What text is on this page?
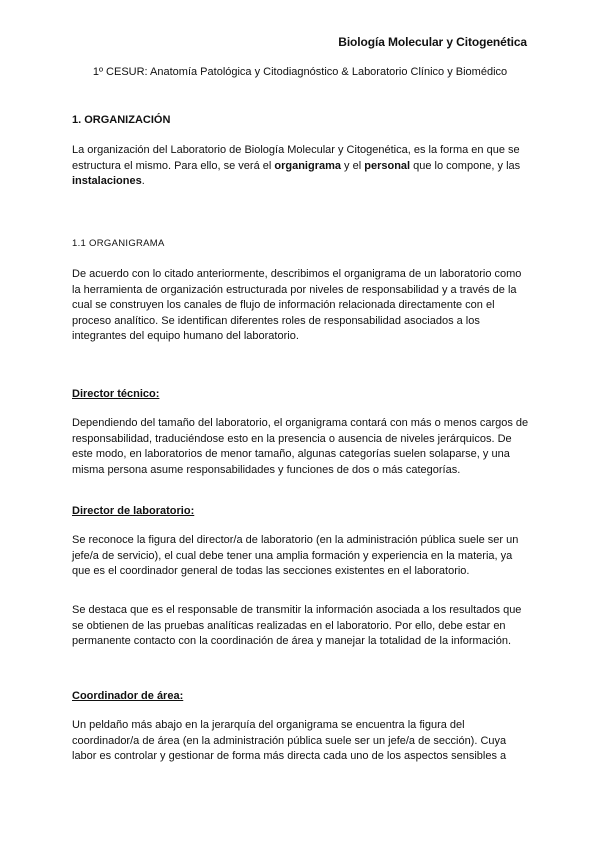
Biología Molecular y Citogenética
1º CESUR: Anatomía Patológica y Citodiagnóstico & Laboratorio Clínico y Biomédico

1. ORGANIZACIÓN

La organización del Laboratorio de Biología Molecular y Citogenética, es la forma en que se estructura el mismo. Para ello, se verá el organigrama y el personal que lo compone, y las instalaciones.

1.1 ORGANIGRAMA

De acuerdo con lo citado anteriormente, describimos el organigrama de un laboratorio como la herramienta de organización estructurada por niveles de responsabilidad y a través de la cual se construyen los canales de flujo de información relacionada directamente con el proceso analítico. Se identifican diferentes roles de responsabilidad asociados a los integrantes del equipo humano del laboratorio.

Director técnico:

Dependiendo del tamaño del laboratorio, el organigrama contará con más o menos cargos de responsabilidad, traduciéndose esto en la presencia o ausencia de niveles jerárquicos. De este modo, en laboratorios de menor tamaño, algunas categorías suelen solaparse, y una misma persona asume responsabilidades y funciones de dos o más categorías.

Director de laboratorio:

Se reconoce la figura del director/a de laboratorio (en la administración pública suele ser un jefe/a de servicio), el cual debe tener una amplia formación y experiencia en la materia, ya que es el coordinador general de todas las secciones existentes en el laboratorio.

Se destaca que es el responsable de transmitir la información asociada a los resultados que se obtienen de las pruebas analíticas realizadas en el laboratorio. Por ello, debe estar en permanente contacto con la coordinación de área y manejar la totalidad de la información.

Coordinador de área:

Un peldaño más abajo en la jerarquía del organigrama se encuentra la figura del coordinador/a de área (en la administración pública suele ser un jefe/a de sección). Cuya labor es controlar y gestionar de forma más directa cada uno de los aspectos sensibles a
